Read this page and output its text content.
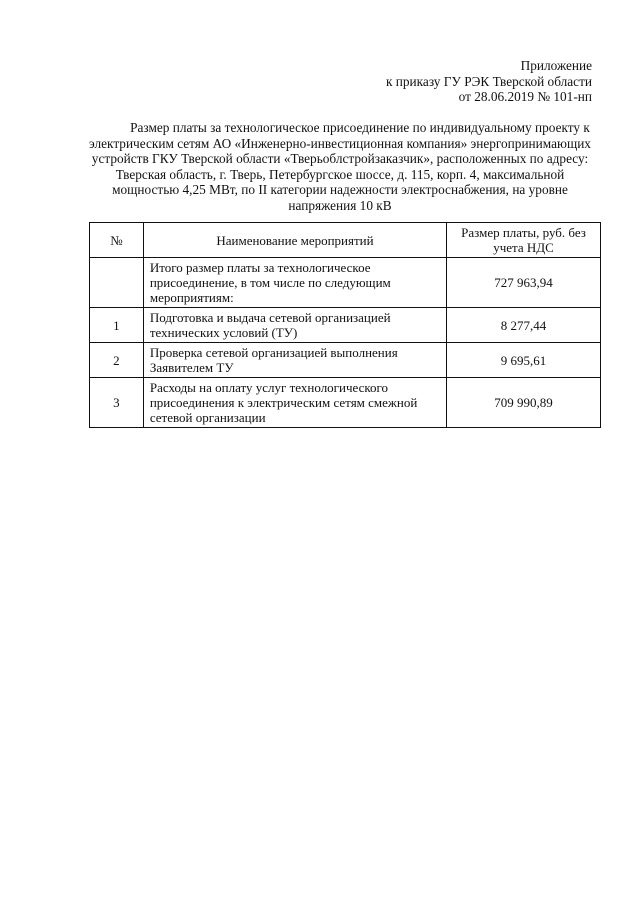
Приложение
к приказу ГУ РЭК Тверской области
от 28.06.2019 № 101-нп
Размер платы за технологическое присоединение по индивидуальному проекту к электрическим сетям АО «Инженерно-инвестиционная компания» энергопринимающих устройств ГКУ Тверской области «Тверьоблстройзаказчик», расположенных по адресу: Тверская область, г. Тверь, Петербургское шоссе, д. 115, корп. 4, максимальной мощностью 4,25 МВт, по II категории надежности электроснабжения, на уровне напряжения 10 кВ
№	Наименование мероприятий	Размер платы, руб. без учета НДС
	Итого размер платы за технологическое присоединение, в том числе по следующим мероприятиям:	727 963,94
1	Подготовка и выдача сетевой организацией технических условий (ТУ)	8 277,44
2	Проверка сетевой организацией выполнения Заявителем ТУ	9 695,61
3	Расходы на оплату услуг технологического присоединения к электрическим сетям смежной сетевой организации	709 990,89
